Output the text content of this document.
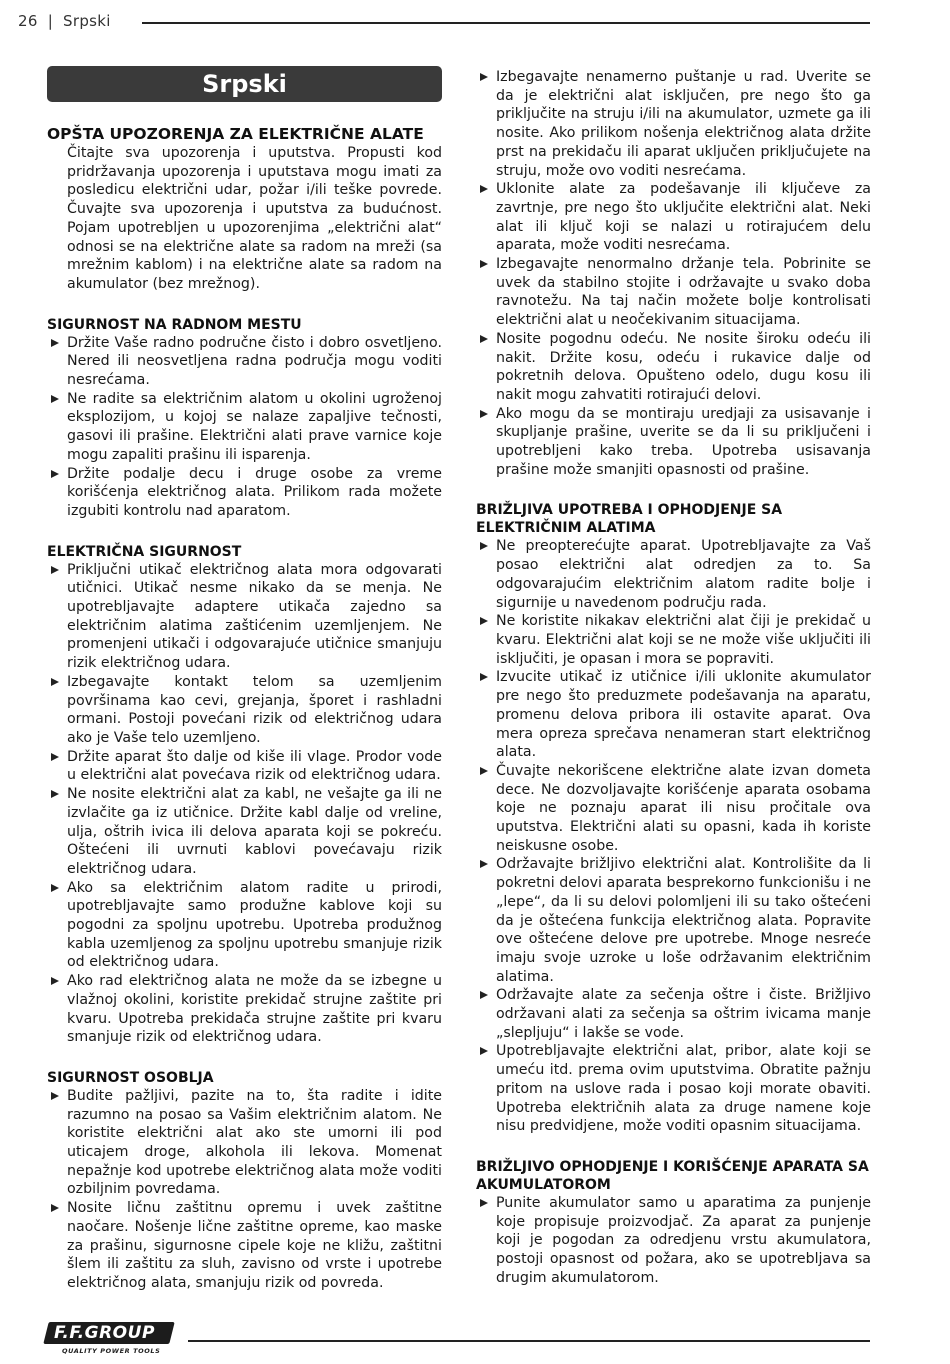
26 | Srpski
Srpski
OPŠTA UPOZORENJA ZA ELEKTRIČNE ALATE

Čitajte sva upozorenja i uputstva. Propusti kod pridržavanja upozorenja i uputstava mogu imati za posledicu električni udar, požar i/ili teške povrede. Čuvajte sva upozorenja i uputstva za budućnost. Pojam upotrebljen u upozorenjima „električni alat“ odnosi se na električne alate sa radom na mreži (sa mrežnim kablom) i na električne alate sa radom na akumulator (bez mrežnog).

SIGURNOST NA RADNOM MESTU
Držite Vaše radno područne čisto i dobro osvetljeno. Nered ili neosvetljena radna područja mogu voditi nesrećama.
Ne radite sa električnim alatom u okolini ugroženoj eksplozijom, u kojoj se nalaze zapaljive tečnosti, gasovi ili prašine. Električni alati prave varnice koje mogu zapaliti prašinu ili isparenja.
Držite podalje decu i druge osobe za vreme korišćenja električnog alata. Prilikom rada možete izgubiti kontrolu nad aparatom.
ELEKTRIČNA SIGURNOST
Priključni utikač električnog alata mora odgovarati utičnici. Utikač nesme nikako da se menja. Ne upotrebljavajte adaptere utikača zajedno sa električnim alatima zaštićenim uzemljenjem. Ne promenjeni utikači i odgovarajuće utičnice smanjuju rizik električnog udara.
Izbegavajte kontakt telom sa uzemljenim površinama kao cevi, grejanja, šporet i rashladni ormani. Postoji povećani rizik od električnog udara ako je Vaše telo uzemljeno.
Držite aparat što dalje od kiše ili vlage. Prodor vode u električni alat povećava rizik od električnog udara.
Ne nosite električni alat za kabl, ne vešajte ga ili ne izvlačite ga iz utičnice. Držite kabl dalje od vreline, ulja, oštrih ivica ili delova aparata koji se pokreću. Oštećeni ili uvrnuti kablovi povećavaju rizik električnog udara.
Ako sa električnim alatom radite u prirodi, upotrebljavajte samo produžne kablove koji su pogodni za spoljnu upotrebu. Upotreba produžnog kabla uzemljenog za spoljnu upotrebu smanjuje rizik od električnog udara.
Ako rad električnog alata ne može da se izbegne u vlažnoj okolini, koristite prekidač strujne zaštite pri kvaru. Upotreba prekidača strujne zaštite pri kvaru smanjuje rizik od električnog udara.
SIGURNOST OSOBLJA
Budite pažljivi, pazite na to, šta radite i idite razumno na posao sa Vašim električnim alatom. Ne koristite električni alat ako ste umorni ili pod uticajem droge, alkohola ili lekova. Momenat nepažnje kod upotrebe električnog alata može voditi ozbiljnim povredama.
Nosite ličnu zaštitnu opremu i uvek zaštitne naočare. Nošenje lične zaštitne opreme, kao maske za prašinu, sigurnosne cipele koje ne kližu, zaštitni šlem ili zaštitu za sluh, zavisno od vrste i upotrebe električnog alata, smanjuju rizik od povreda.
Izbegavajte nenamerno puštanje u rad. Uverite se da je električni alat isključen, pre nego što ga priključite na struju i/ili na akumulator, uzmete ga ili nosite. Ako prilikom nošenja električnog alata držite prst na prekidaču ili aparat uključen priključujete na struju, može ovo voditi nesrećama.
Uklonite alate za podešavanje ili ključeve za zavrtnje, pre nego što uključite električni alat. Neki alat ili ključ koji se nalazi u rotirajućem delu aparata, može voditi nesrećama.
Izbegavajte nenormalno držanje tela. Pobrinite se uvek da stabilno stojite i održavajte u svako doba ravnotežu. Na taj način možete bolje kontrolisati električni alat u neočekivanim situacijama.
Nosite pogodnu odeću. Ne nosite široku odeću ili nakit. Držite kosu, odeću i rukavice dalje od pokretnih delova. Opušteno odelo, dugu kosu ili nakit mogu zahvatiti rotirajući delovi.
Ako mogu da se montiraju uredjaji za usisavanje i skupljanje prašine, uverite se da li su priključeni i upotrebljeni kako treba. Upotreba usisavanja prašine može smanjiti opasnosti od prašine.
BRIŽLJIVA UPOTREBA I OPHODJENJE SA ELEKTRIČNIM ALATIMA
Ne preopterećujte aparat. Upotrebljavajte za Vaš posao električni alat odredjen za to. Sa odgovarajućim električnim alatom radite bolje i sigurnije u navedenom području rada.
Ne koristite nikakav električni alat čiji je prekidač u kvaru. Električni alat koji se ne može više uključiti ili isključiti, je opasan i mora se popraviti.
Izvucite utikač iz utičnice i/ili uklonite akumulator pre nego što preduzmete podešavanja na aparatu, promenu delova pribora ili ostavite aparat. Ova mera opreza sprečava nenameran start električnog alata.
Čuvajte nekorišcene električne alate izvan dometa dece. Ne dozvoljavajte korišćenje aparata osobama koje ne poznaju aparat ili nisu pročitale ova uputstva. Električni alati su opasni, kada ih koriste neiskusne osobe.
Održavajte brižljivo električni alat. Kontrolišite da li pokretni delovi aparata besprekorno funkcionišu i ne „lepe“, da li su delovi polomljeni ili su tako oštećeni da je oštećena funkcija električnog alata. Popravite ove oštećene delove pre upotrebe. Mnoge nesreće imaju svoje uzroke u loše održavanim električnim alatima.
Održavajte alate za sečenja oštre i čiste. Brižljivo održavani alati za sečenja sa oštrim ivicama manje „slepljuju“ i lakše se vode.
Upotrebljavajte električni alat, pribor, alate koji se umeću itd. prema ovim uputstvima. Obratite pažnju pritom na uslove rada i posao koji morate obaviti. Upotreba električnih alata za druge namene koje nisu predvidjene, može voditi opasnim situacijama.
BRIŽLJIVO OPHODJENJE I KORIŠĆENJE APARATA SA AKUMULATOROM
Punite akumulator samo u aparatima za punjenje koje propisuje proizvodjač. Za aparat za punjenje koji je pogodan za odredjenu vrstu akumulatora, postoji opasnost od požara, ako se upotrebljava sa drugim akumulatorom.
F.F.GROUP
QUALITY POWER TOOLS
